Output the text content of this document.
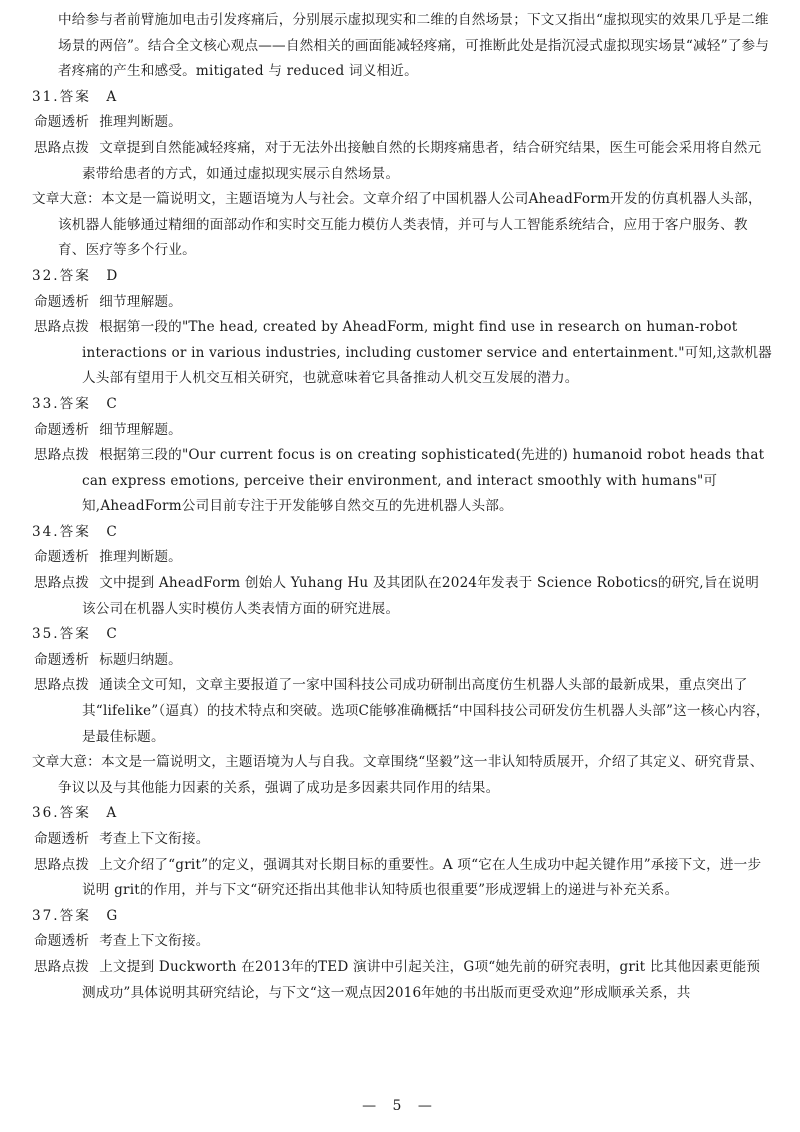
中给参与者前臂施加电击引发疼痛后，分别展示虚拟现实和二维的自然场景；下文又指出“虚拟现实的效果几乎是二维场景的两倍”。结合全文核心观点——自然相关的画面能减轻疼痛，可推断此处是指沉浸式虚拟现实场景“减轻”了参与者疼痛的产生和感受。mitigated 与 reduced 词义相近。

31.答案　A

命题透析 推理判断题。

思路点拨 文章提到自然能减轻疼痛，对于无法外出接触自然的长期疼痛患者，结合研究结果，医生可能会采用将自然元素带给患者的方式，如通过虚拟现实展示自然场景。

文章大意：本文是一篇说明文，主题语境为人与社会。文章介绍了中国机器人公司AheadForm开发的仿真机器人头部，该机器人能够通过精细的面部动作和实时交互能力模仿人类表情，并可与人工智能系统结合，应用于客户服务、教育、医疗等多个行业。

32.答案　D

命题透析 细节理解题。

思路点拨 根据第一段的"The head, created by AheadForm, might find use in research on human-robot interactions or in various industries, including customer service and entertainment."可知,这款机器人头部有望用于人机交互相关研究，也就意味着它具备推动人机交互发展的潜力。

33.答案　C

命题透析 细节理解题。

思路点拨 根据第三段的"Our current focus is on creating sophisticated(先进的) humanoid robot heads that can express emotions, perceive their environment, and interact smoothly with humans"可知,AheadForm公司目前专注于开发能够自然交互的先进机器人头部。

34.答案　C

命题透析 推理判断题。

思路点拨 文中提到 AheadForm 创始人 Yuhang Hu 及其团队在2024年发表于 Science Robotics的研究,旨在说明该公司在机器人实时模仿人类表情方面的研究进展。

35.答案　C

命题透析 标题归纳题。

思路点拨 通读全文可知，文章主要报道了一家中国科技公司成功研制出高度仿生机器人头部的最新成果，重点突出了其“lifelike”（逼真）的技术特点和突破。选项C能够准确概括“中国科技公司研发仿生机器人头部”这一核心内容，是最佳标题。

文章大意：本文是一篇说明文，主题语境为人与自我。文章围绕“坚毅”这一非认知特质展开，介绍了其定义、研究背景、争议以及与其他能力因素的关系，强调了成功是多因素共同作用的结果。

36.答案　A

命题透析 考查上下文衔接。

思路点拨 上文介绍了“grit”的定义，强调其对长期目标的重要性。A 项“它在人生成功中起关键作用”承接下文，进一步说明 grit的作用，并与下文“研究还指出其他非认知特质也很重要”形成逻辑上的递进与补充关系。

37.答案　G

命题透析 考查上下文衔接。

思路点拨 上文提到 Duckworth 在2013年的TED 演讲中引起关注，G项“她先前的研究表明，grit 比其他因素更能预测成功”具体说明其研究结论，与下文“这一观点因2016年她的书出版而更受欢迎”形成顺承关系，共

— 5 —
